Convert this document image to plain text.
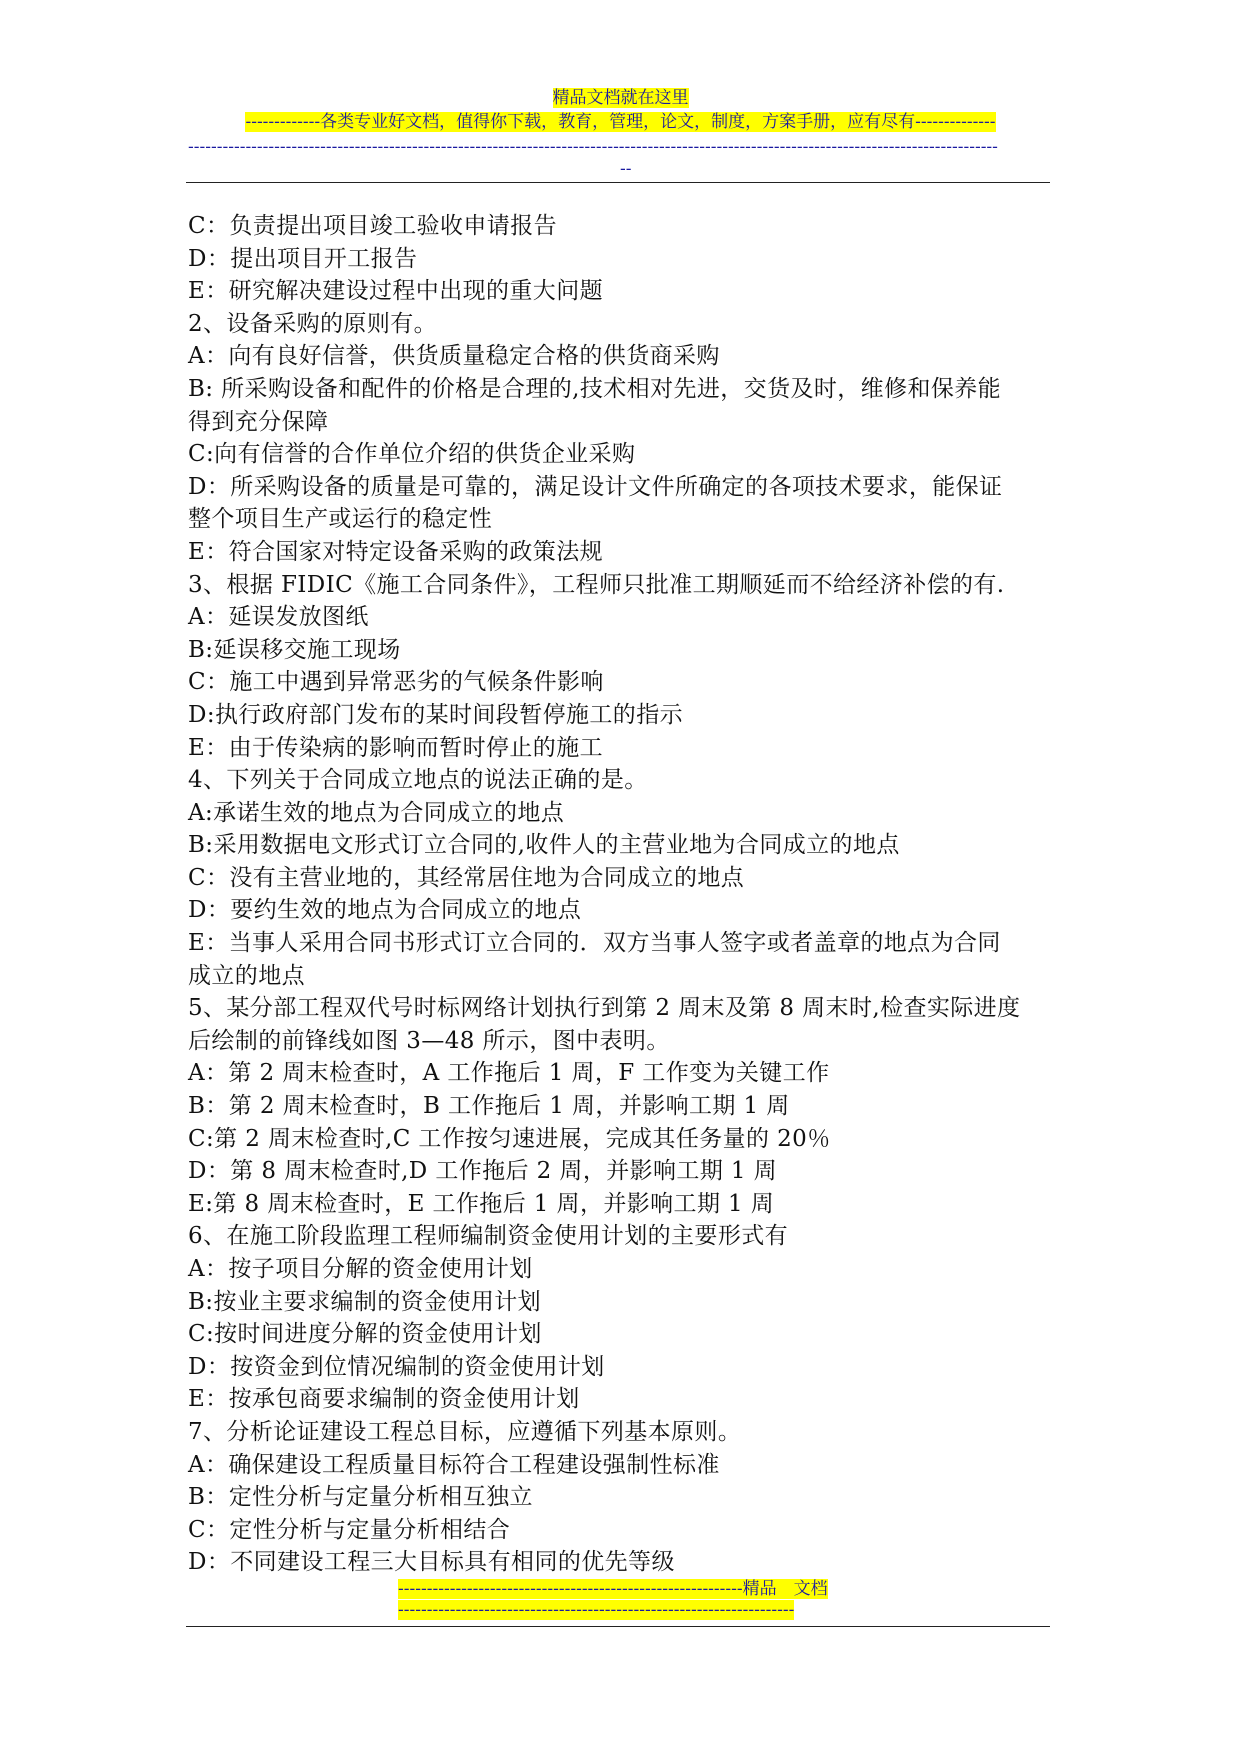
精品文档就在这里
-------------各类专业好文档，值得你下载，教育，管理，论文，制度，方案手册，应有尽有--------------
---------------------------------------------------------------------------------------------------------------------------------------------
--

C：负责提出项目竣工验收申请报告

D：提出项目开工报告

E：研究解决建设过程中出现的重大问题

2、设备采购的原则有。

A：向有良好信誉，供货质量稳定合格的供货商采购

B: 所采购设备和配件的价格是合理的,技术相对先进，交货及时，维修和保养能

得到充分保障

C:向有信誉的合作单位介绍的供货企业采购

D：所采购设备的质量是可靠的，满足设计文件所确定的各项技术要求，能保证

整个项目生产或运行的稳定性

E：符合国家对特定设备采购的政策法规

3、根据 FIDIC《施工合同条件》，工程师只批准工期顺延而不给经济补偿的有.

A：延误发放图纸

B:延误移交施工现场

C：施工中遇到异常恶劣的气候条件影响

D:执行政府部门发布的某时间段暂停施工的指示

E：由于传染病的影响而暂时停止的施工

4、下列关于合同成立地点的说法正确的是。

A:承诺生效的地点为合同成立的地点

B:采用数据电文形式订立合同的,收件人的主营业地为合同成立的地点

C：没有主营业地的，其经常居住地为合同成立的地点

D：要约生效的地点为合同成立的地点

E：当事人采用合同书形式订立合同的．双方当事人签字或者盖章的地点为合同

成立的地点

5、某分部工程双代号时标网络计划执行到第 2 周末及第 8 周末时,检查实际进度

后绘制的前锋线如图 3—48 所示，图中表明。

A：第 2 周末检查时，A 工作拖后 1 周，F 工作变为关键工作

B：第 2 周末检查时，B 工作拖后 1 周，并影响工期 1 周

C:第 2 周末检查时,C 工作按匀速进展，完成其任务量的 20％

D：第 8 周末检查时,D 工作拖后 2 周，并影响工期 1 周

E:第 8 周末检查时，E 工作拖后 1 周，并影响工期 1 周

6、在施工阶段监理工程师编制资金使用计划的主要形式有

A：按子项目分解的资金使用计划

B:按业主要求编制的资金使用计划

C:按时间进度分解的资金使用计划

D：按资金到位情况编制的资金使用计划

E：按承包商要求编制的资金使用计划

7、分析论证建设工程总目标，应遵循下列基本原则。

A：确保建设工程质量目标符合工程建设强制性标准

B：定性分析与定量分析相互独立

C：定性分析与定量分析相结合

D：不同建设工程三大目标具有相同的优先等级

------------------------------------------------------------精品　文档
---------------------------------------------------------------------
